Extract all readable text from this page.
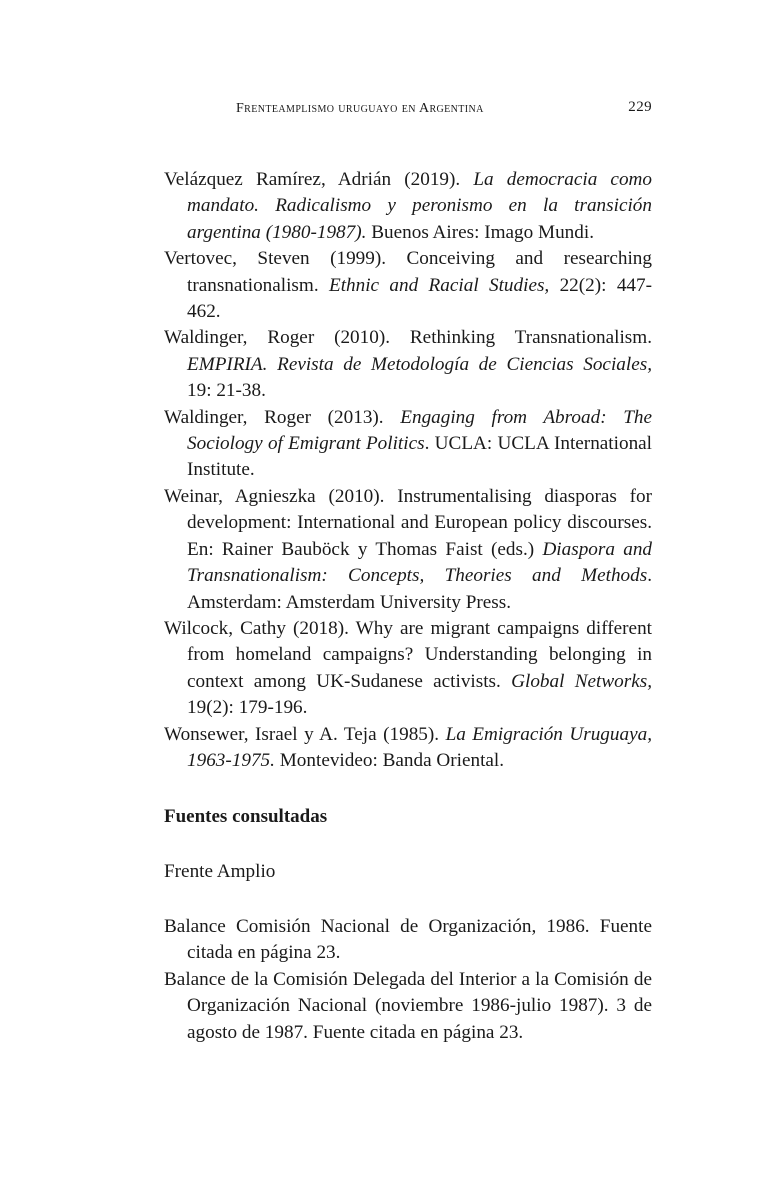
Frenteamplismo uruguayo en Argentina	229

Velázquez Ramírez, Adrián (2019). La democracia como mandato. Radicalismo y peronismo en la transición argentina (1980-1987). Buenos Aires: Imago Mundi.

Vertovec, Steven (1999). Conceiving and researching transnationalism. Ethnic and Racial Studies, 22(2): 447-462.

Waldinger, Roger (2010). Rethinking Transnationalism. EMPIRIA. Revista de Metodología de Ciencias Sociales, 19: 21-38.

Waldinger, Roger (2013). Engaging from Abroad: The Sociology of Emigrant Politics. UCLA: UCLA International Institute.

Weinar, Agnieszka (2010). Instrumentalising diasporas for development: International and European policy discourses. En: Rainer Bauböck y Thomas Faist (eds.) Diaspora and Transnationalism: Concepts, Theories and Methods. Amsterdam: Amsterdam University Press.

Wilcock, Cathy (2018). Why are migrant campaigns different from homeland campaigns? Understanding belonging in context among UK-Sudanese activists. Global Networks, 19(2): 179-196.

Wonsewer, Israel y A. Teja (1985). La Emigración Uruguaya, 1963-1975. Montevideo: Banda Oriental.

Fuentes consultadas

Frente Amplio

Balance Comisión Nacional de Organización, 1986. Fuente citada en página 23.

Balance de la Comisión Delegada del Interior a la Comisión de Organización Nacional (noviembre 1986-julio 1987). 3 de agosto de 1987. Fuente citada en página 23.
